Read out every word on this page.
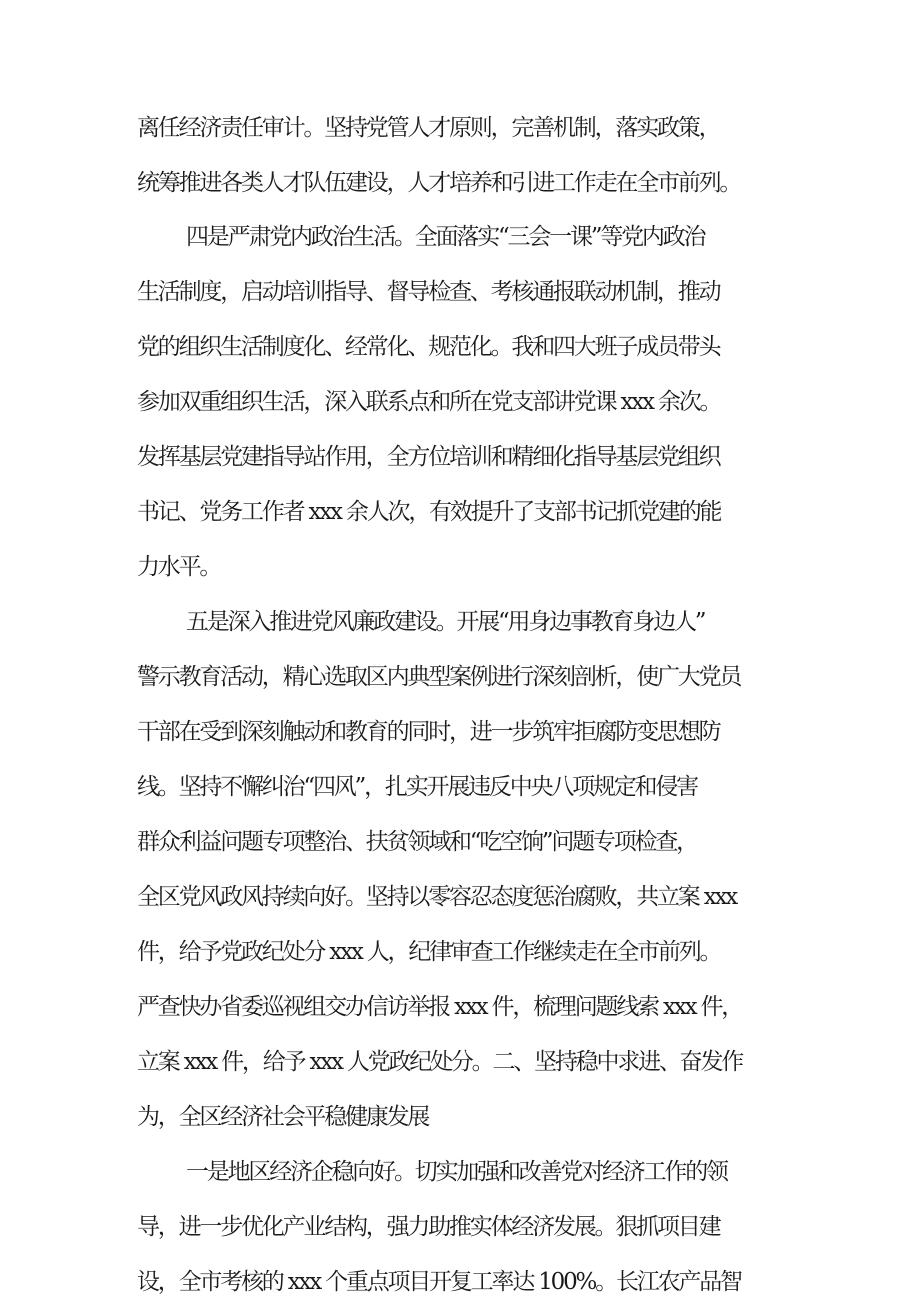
离任经济责任审计。坚持党管人才原则，完善机制，落实政策，
统筹推进各类人才队伍建设，人才培养和引进工作走在全市前列。
四是严肃党内政治生活。全面落实“三会一课”等党内政治
生活制度，启动培训指导、督导检查、考核通报联动机制，推动
党的组织生活制度化、经常化、规范化。我和四大班子成员带头
参加双重组织生活，深入联系点和所在党支部讲党课 xxx 余次。
发挥基层党建指导站作用，全方位培训和精细化指导基层党组织
书记、党务工作者 xxx 余人次，有效提升了支部书记抓党建的能
力水平。
五是深入推进党风廉政建设。开展“用身边事教育身边人”
警示教育活动，精心选取区内典型案例进行深刻剖析，使广大党员
干部在受到深刻触动和教育的同时，进一步筑牢拒腐防变思想防
线。坚持不懈纠治“四风”，扎实开展违反中央八项规定和侵害
群众利益问题专项整治、扶贫领域和“吃空饷”问题专项检查，
全区党风政风持续向好。坚持以零容忍态度惩治腐败，共立案 xxx
件，给予党政纪处分 xxx 人，纪律审查工作继续走在全市前列。
严查快办省委巡视组交办信访举报 xxx 件，梳理问题线索 xxx 件，
立案 xxx 件，给予 xxx 人党政纪处分。二、坚持稳中求进、奋发作
为，全区经济社会平稳健康发展
一是地区经济企稳向好。切实加强和改善党对经济工作的领
导，进一步优化产业结构，强力助推实体经济发展。狠抓项目建
设，全市考核的 xxx 个重点项目开复工率达 100%。长江农产品智
